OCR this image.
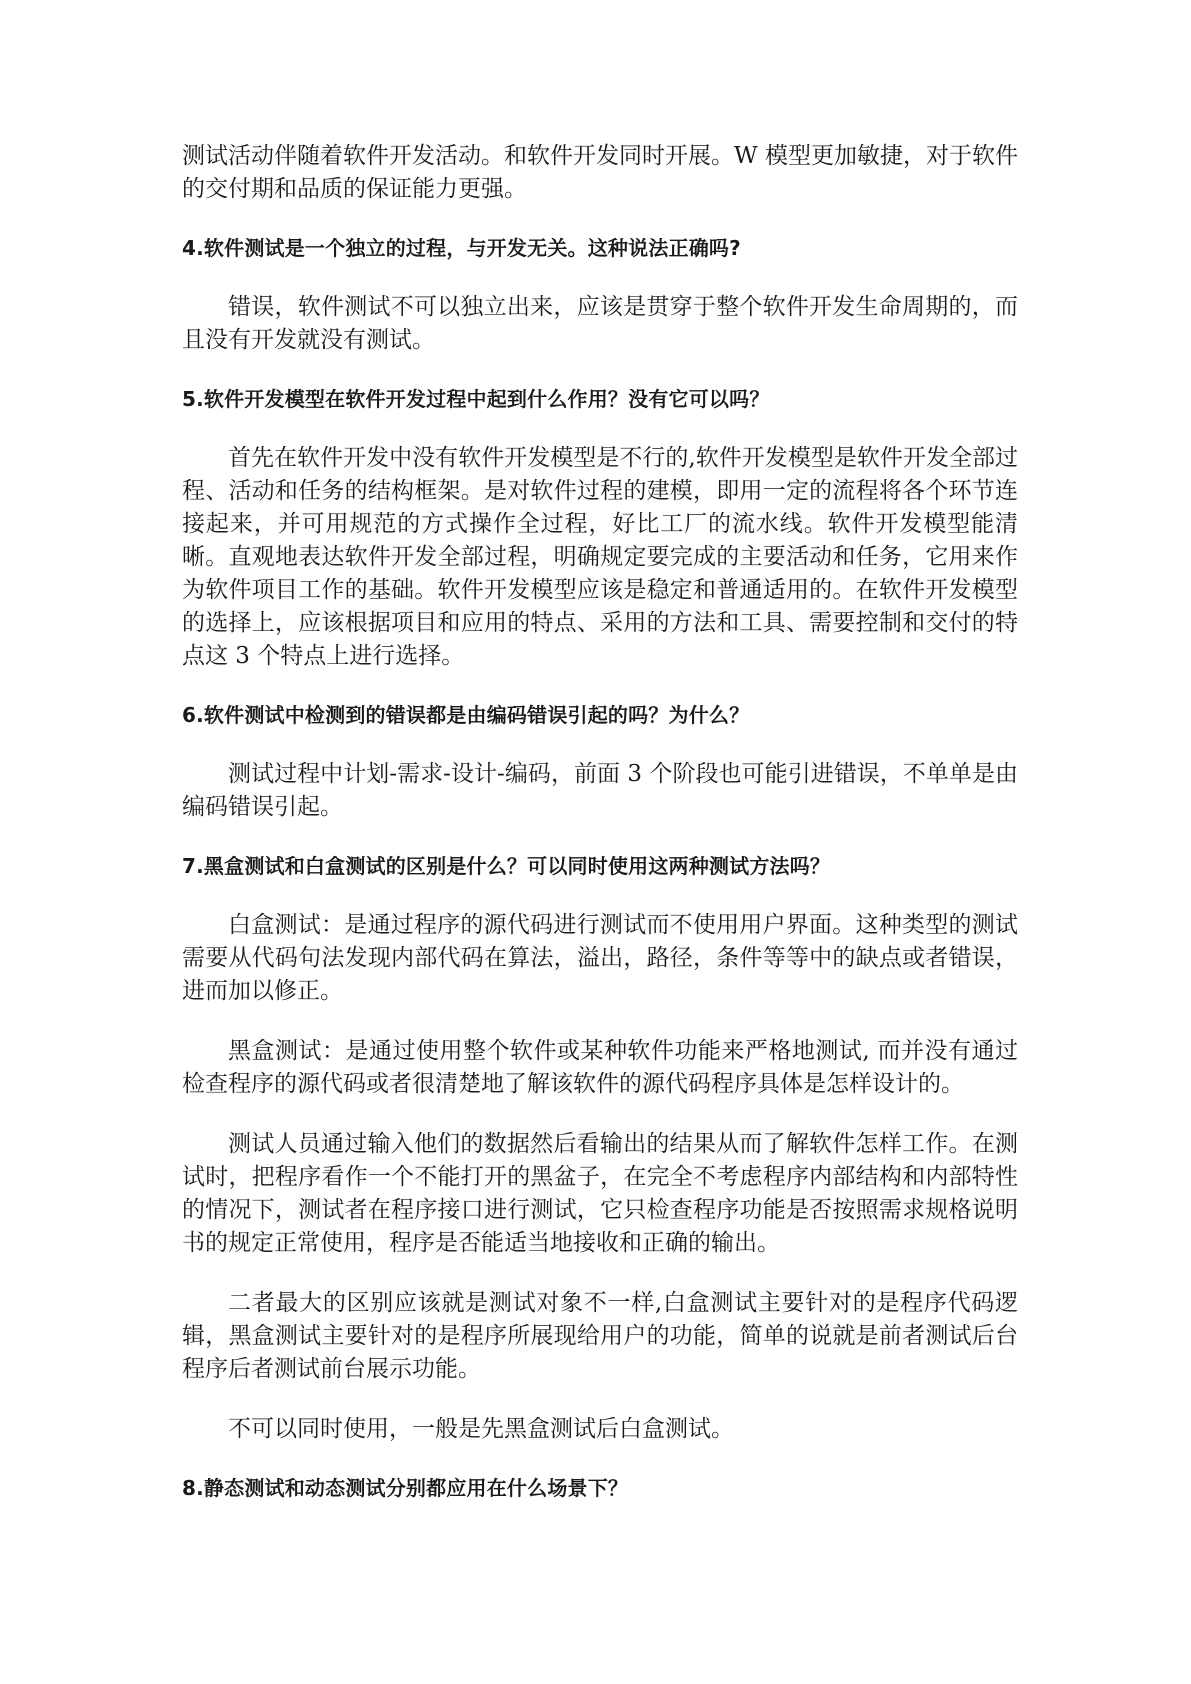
测试活动伴随着软件开发活动。和软件开发同时开展。W 模型更加敏捷，对于软件的交付期和品质的保证能力更强。

4.软件测试是一个独立的过程，与开发无关。这种说法正确吗?

错误，软件测试不可以独立出来，应该是贯穿于整个软件开发生命周期的，而且没有开发就没有测试。

5.软件开发模型在软件开发过程中起到什么作用？没有它可以吗？

首先在软件开发中没有软件开发模型是不行的,软件开发模型是软件开发全部过程、活动和任务的结构框架。是对软件过程的建模，即用一定的流程将各个环节连接起来，并可用规范的方式操作全过程，好比工厂的流水线。软件开发模型能清晰。直观地表达软件开发全部过程，明确规定要完成的主要活动和任务，它用来作为软件项目工作的基础。软件开发模型应该是稳定和普通适用的。在软件开发模型的选择上，应该根据项目和应用的特点、采用的方法和工具、需要控制和交付的特点这 3 个特点上进行选择。

6.软件测试中检测到的错误都是由编码错误引起的吗？为什么？

测试过程中计划-需求-设计-编码，前面 3 个阶段也可能引进错误，不单单是由编码错误引起。

7.黑盒测试和白盒测试的区别是什么？可以同时使用这两种测试方法吗？

白盒测试：是通过程序的源代码进行测试而不使用用户界面。这种类型的测试需要从代码句法发现内部代码在算法，溢出，路径，条件等等中的缺点或者错误，进而加以修正。

黑盒测试：是通过使用整个软件或某种软件功能来严格地测试, 而并没有通过检查程序的源代码或者很清楚地了解该软件的源代码程序具体是怎样设计的。

测试人员通过输入他们的数据然后看输出的结果从而了解软件怎样工作。在测试时，把程序看作一个不能打开的黑盆子，在完全不考虑程序内部结构和内部特性的情况下，测试者在程序接口进行测试，它只检查程序功能是否按照需求规格说明书的规定正常使用，程序是否能适当地接收和正确的输出。

二者最大的区别应该就是测试对象不一样,白盒测试主要针对的是程序代码逻辑，黑盒测试主要针对的是程序所展现给用户的功能，简单的说就是前者测试后台程序后者测试前台展示功能。

不可以同时使用，一般是先黑盒测试后白盒测试。

8.静态测试和动态测试分别都应用在什么场景下？
